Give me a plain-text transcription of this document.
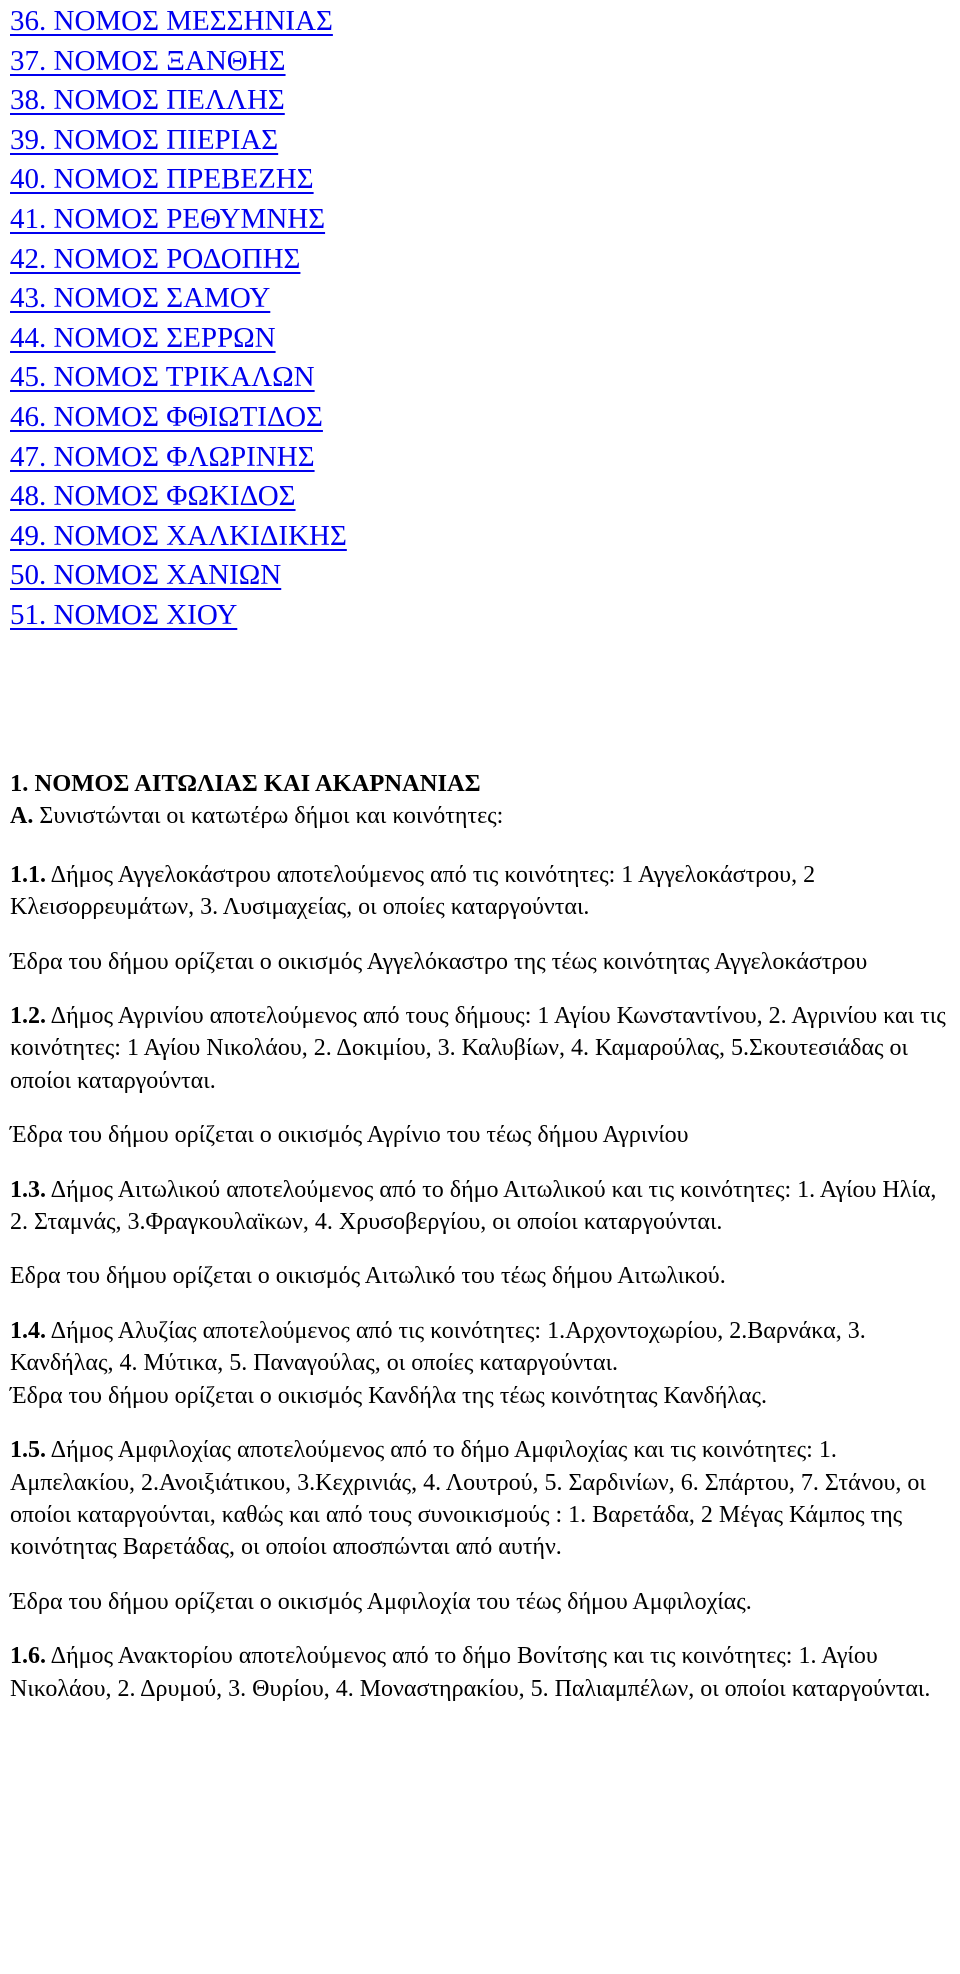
36. ΝΟΜΟΣ ΜΕΣΣΗΝΙΑΣ
37. ΝΟΜΟΣ ΞΑΝΘΗΣ
38. ΝΟΜΟΣ ΠΕΛΛΗΣ
39. ΝΟΜΟΣ ΠΙΕΡΙΑΣ
40. ΝΟΜΟΣ ΠΡΕΒΕΖΗΣ
41. ΝΟΜΟΣ ΡΕΘΥΜΝΗΣ
42. ΝΟΜΟΣ ΡΟΔΟΠΗΣ
43. ΝΟΜΟΣ ΣΑΜΟΥ
44. ΝΟΜΟΣ ΣΕΡΡΩΝ
45. ΝΟΜΟΣ ΤΡΙΚΑΛΩΝ
46. ΝΟΜΟΣ ΦΘΙΩΤΙΔΟΣ
47. ΝΟΜΟΣ ΦΛΩΡΙΝΗΣ
48. ΝΟΜΟΣ ΦΩΚΙΔΟΣ
49. ΝΟΜΟΣ ΧΑΛΚΙΔΙΚΗΣ
50. ΝΟΜΟΣ ΧΑΝΙΩΝ
51. ΝΟΜΟΣ ΧΙΟΥ

1. ΝΟΜΟΣ ΑΙΤΩΛΙΑΣ ΚΑΙ ΑΚΑΡΝΑΝΙΑΣ

Α. Συνιστώνται οι κατωτέρω δήμοι και κοινότητες:

1.1. Δήμος Αγγελοκάστρου αποτελούμενος από τις κοινότητες: 1 Αγγελοκάστρου, 2 Κλεισορρευμάτων, 3. Λυσιμαχείας, οι οποίες καταργούνται.

Έδρα του δήμου ορίζεται ο οικισμός Αγγελόκαστρο της τέως κοινότητας Αγγελοκάστρου

1.2. Δήμος Αγρινίου αποτελούμενος από τους δήμους: 1 Αγίου Κωνσταντίνου, 2. Αγρινίου και τις κοινότητες: 1 Αγίου Νικολάου, 2. Δοκιμίου, 3. Καλυβίων, 4. Καμαρούλας, 5.Σκουτεσιάδας οι οποίοι καταργούνται.

Έδρα του δήμου ορίζεται ο οικισμός Αγρίνιο του τέως δήμου Αγρινίου

1.3. Δήμος Αιτωλικού αποτελούμενος από το δήμο Αιτωλικού και τις κοινότητες: 1. Αγίου Ηλία, 2. Σταμνάς, 3.Φραγκουλαϊκων, 4. Χρυσοβεργίου, οι οποίοι καταργούνται.

Εδρα του δήμου ορίζεται ο οικισμός Αιτωλικό του τέως δήμου Αιτωλικού.

1.4. Δήμος Αλυζίας αποτελούμενος από τις κοινότητες: 1.Αρχοντοχωρίου, 2.Βαρνάκα, 3. Κανδήλας, 4. Μύτικα, 5. Παναγούλας, οι οποίες καταργούνται.

Έδρα του δήμου ορίζεται ο οικισμός Κανδήλα της τέως κοινότητας Κανδήλας.

1.5. Δήμος Αμφιλοχίας αποτελούμενος από το δήμο Αμφιλοχίας και τις κοινότητες: 1. Αμπελακίου, 2.Ανοιξιάτικου, 3.Κεχρινιάς, 4. Λουτρού, 5. Σαρδινίων, 6. Σπάρτου, 7. Στάνου, οι οποίοι καταργούνται, καθώς και από τους συνοικισμούς : 1. Βαρετάδα, 2 Μέγας Κάμπος της κοινότητας Βαρετάδας, οι οποίοι αποσπώνται από αυτήν.

Έδρα του δήμου ορίζεται ο οικισμός Αμφιλοχία του τέως δήμου Αμφιλοχίας.

1.6. Δήμος Ανακτορίου αποτελούμενος από το δήμο Βονίτσης και τις κοινότητες: 1. Αγίου Νικολάου, 2. Δρυμού, 3. Θυρίου, 4. Μοναστηρακίου, 5. Παλιαμπέλων, οι οποίοι καταργούνται.
